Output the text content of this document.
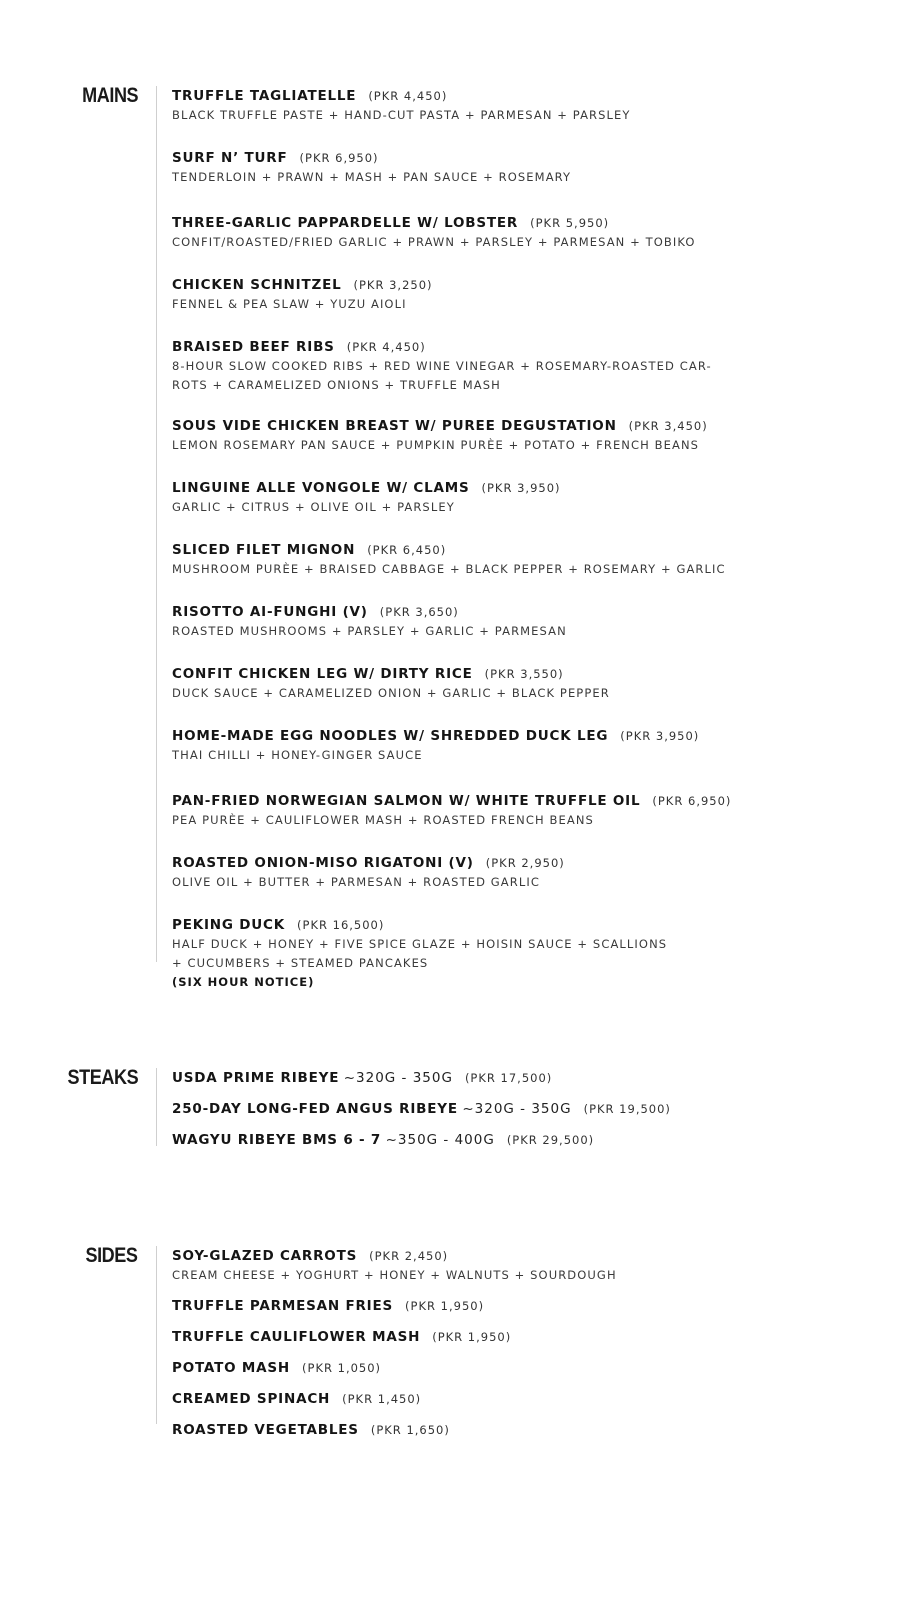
MAINS	TRUFFLE TAGLIATELLE (PKR 4,450)
BLACK TRUFFLE PASTE + HAND-CUT PASTA + PARMESAN + PARSLEY
SURF N’ TURF (PKR 6,950)
TENDERLOIN + PRAWN + MASH + PAN SAUCE + ROSEMARY
THREE-GARLIC PAPPARDELLE W/ LOBSTER (PKR 5,950)
CONFIT/ROASTED/FRIED GARLIC + PRAWN + PARSLEY + PARMESAN + TOBIKO
CHICKEN SCHNITZEL (PKR 3,250)
FENNEL & PEA SLAW + YUZU AIOLI
BRAISED BEEF RIBS (PKR 4,450)
8-HOUR SLOW COOKED RIBS + RED WINE VINEGAR + ROSEMARY-ROASTED CAR-
ROTS + CARAMELIZED ONIONS + TRUFFLE MASH
SOUS VIDE CHICKEN BREAST W/ PUREE DEGUSTATION (PKR 3,450)
LEMON ROSEMARY PAN SAUCE + PUMPKIN PURÈE + POTATO + FRENCH BEANS
LINGUINE ALLE VONGOLE W/ CLAMS (PKR 3,950)
GARLIC + CITRUS + OLIVE OIL + PARSLEY
SLICED FILET MIGNON (PKR 6,450)
MUSHROOM PURÈE + BRAISED CABBAGE + BLACK PEPPER + ROSEMARY + GARLIC
RISOTTO AI-FUNGHI (V) (PKR 3,650)
ROASTED MUSHROOMS + PARSLEY + GARLIC + PARMESAN
CONFIT CHICKEN LEG W/ DIRTY RICE (PKR 3,550)
DUCK SAUCE + CARAMELIZED ONION + GARLIC + BLACK PEPPER
HOME-MADE EGG NOODLES W/ SHREDDED DUCK LEG (PKR 3,950)
THAI CHILLI + HONEY-GINGER SAUCE
PAN-FRIED NORWEGIAN SALMON W/ WHITE TRUFFLE OIL (PKR 6,950)
PEA PURÈE + CAULIFLOWER MASH + ROASTED FRENCH BEANS
ROASTED ONION-MISO RIGATONI (V) (PKR 2,950)
OLIVE OIL + BUTTER + PARMESAN + ROASTED GARLIC
PEKING DUCK (PKR 16,500)
HALF DUCK + HONEY + FIVE SPICE GLAZE + HOISIN SAUCE + SCALLIONS
+ CUCUMBERS + STEAMED PANCAKES
(SIX HOUR NOTICE)
STEAKS	USDA PRIME RIBEYE ~320G - 350G (PKR 17,500)
250-DAY LONG-FED ANGUS RIBEYE ~320G - 350G (PKR 19,500)
WAGYU RIBEYE BMS 6 - 7 ~350G - 400G (PKR 29,500)
SIDES	SOY-GLAZED CARROTS (PKR 2,450)
CREAM CHEESE + YOGHURT + HONEY + WALNUTS + SOURDOUGH
TRUFFLE PARMESAN FRIES (PKR 1,950)
TRUFFLE CAULIFLOWER MASH (PKR 1,950)
POTATO MASH (PKR 1,050)
CREAMED SPINACH (PKR 1,450)
ROASTED VEGETABLES (PKR 1,650)
